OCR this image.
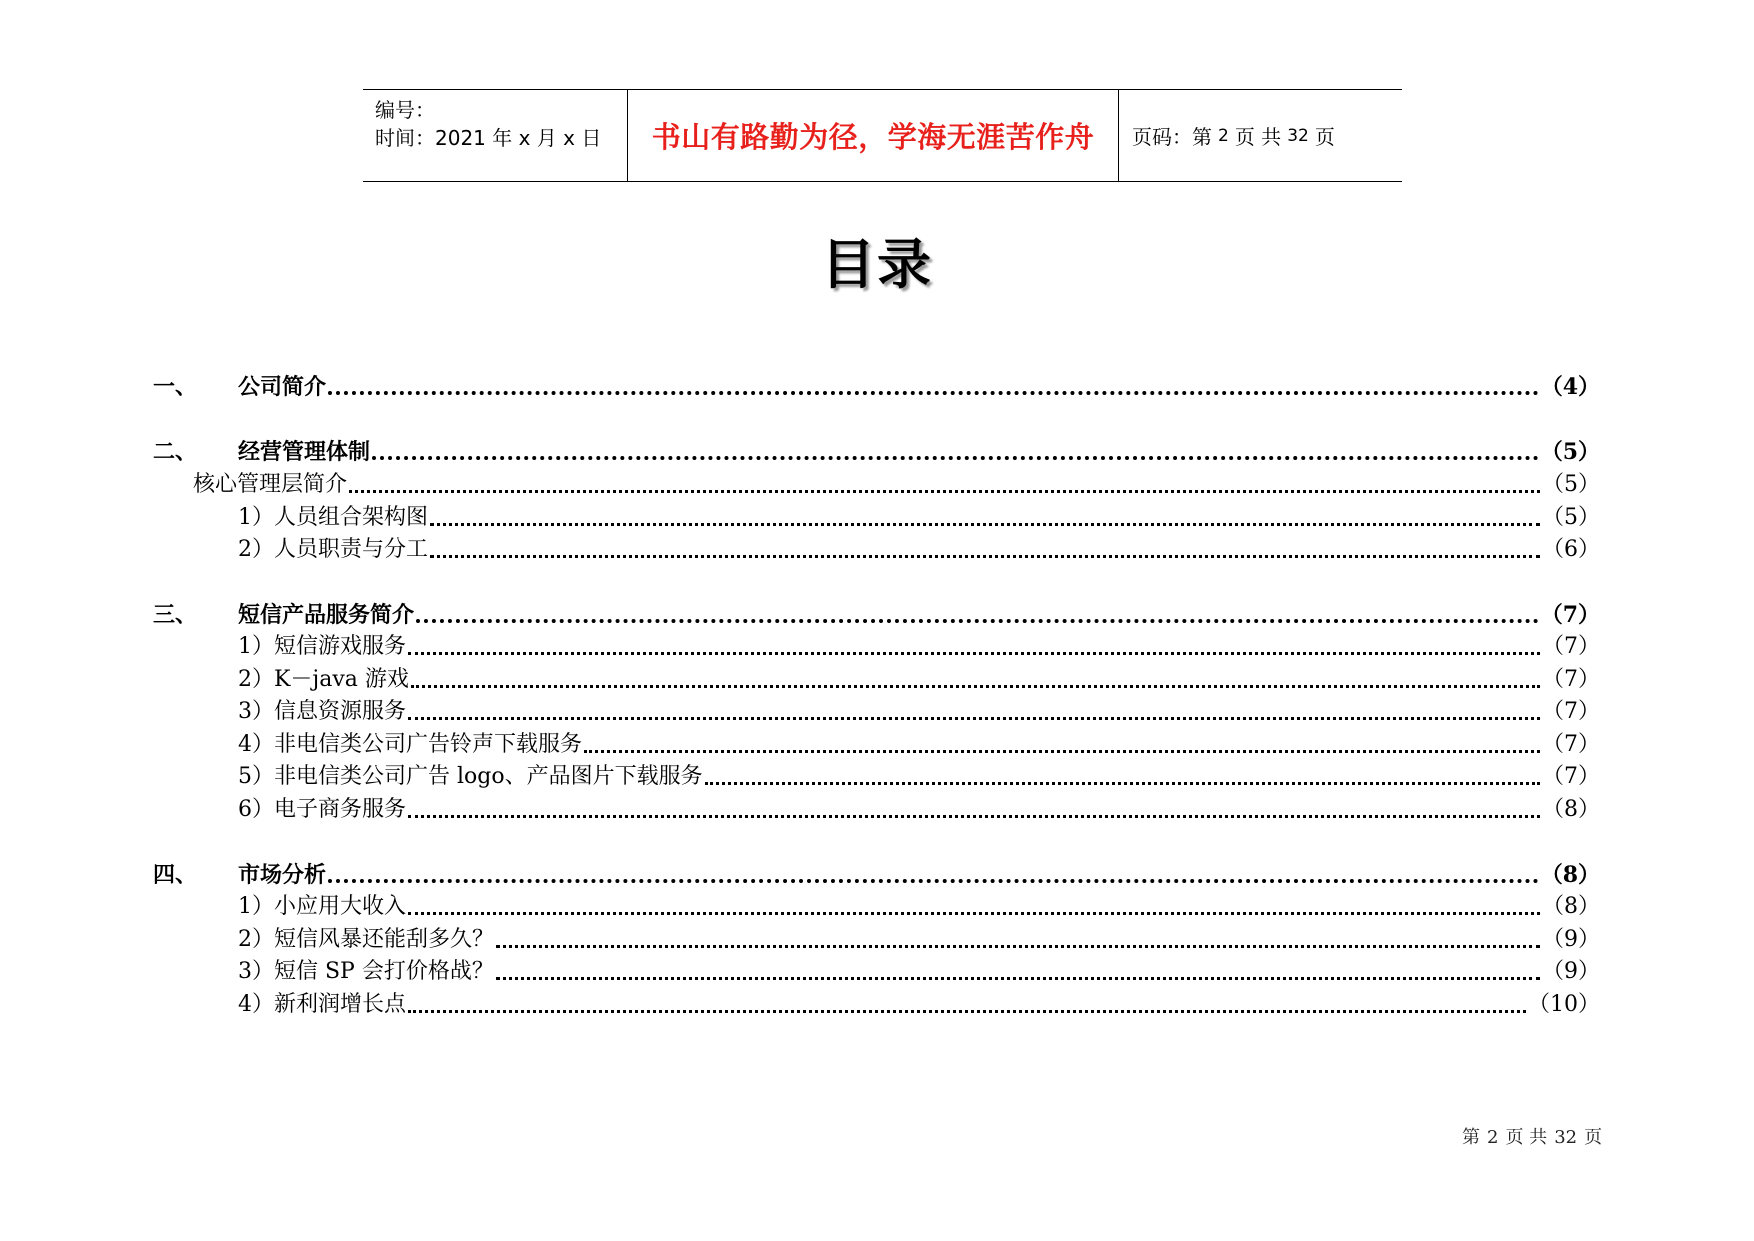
编号：
时间：2021 年 x 月 x 日 书山有路勤为径，学海无涯苦作舟 页码：第 2 页 共 32 页
目录
一、 公司简介	（4）
二、 经营管理体制	（5）
核心管理层简介	（5）
1）人员组合架构图	（5）
2）人员职责与分工	（6）
三、 短信产品服务简介	（7）
1）短信游戏服务	（7）
2）K－java 游戏	（7）
3）信息资源服务	（7）
4）非电信类公司广告铃声下载服务	（7）
5）非电信类公司广告 logo、产品图片下载服务	（7）
6）电子商务服务	（8）
四、 市场分析	（8）
1）小应用大收入	（8）
2）短信风暴还能刮多久？	（9）
3）短信 SP 会打价格战？	（9）
4）新利润增长点	（10）
第 2 页 共 32 页
